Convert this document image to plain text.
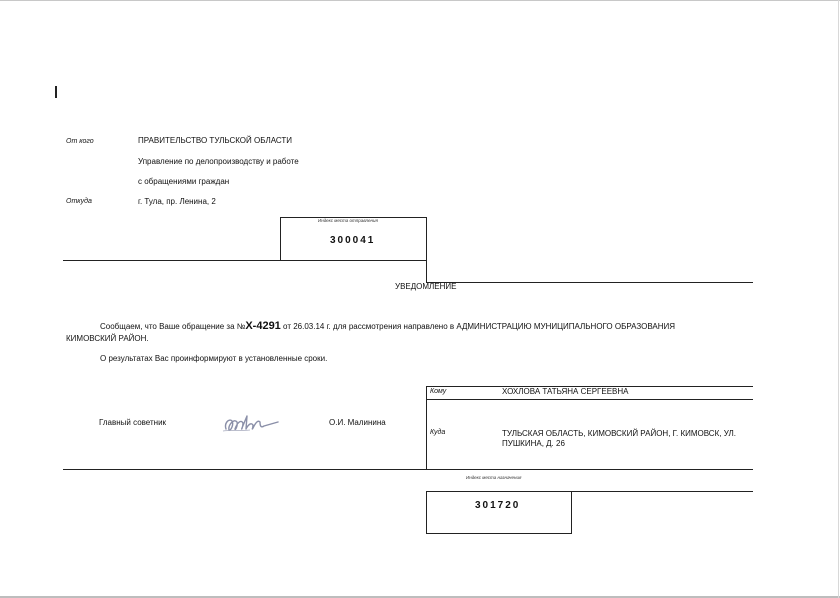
От кого	ПРАВИТЕЛЬСТВО ТУЛЬСКОЙ ОБЛАСТИ
Управление по делопроизводству и работе
с обращениями граждан
Откуда	г. Тула, пр. Ленина, 2
Индекс места отправления
300041
УВЕДОМЛЕНИЕ
Сообщаем, что Ваше обращение за №X-4291 от 26.03.14 г. для рассмотрения направлено в АДМИНИСТРАЦИЮ МУНИЦИПАЛЬНОГО ОБРАЗОВАНИЯ
КИМОВСКИЙ РАЙОН.
О результатах Вас проинформируют в установленные сроки.
Главный советник	О.И. Малинина
Кому	ХОХЛОВА ТАТЬЯНА СЕРГЕЕВНА
Куда	ТУЛЬСКАЯ ОБЛАСТЬ, КИМОВСКИЙ РАЙОН, Г. КИМОВСК, УЛ.
ПУШКИНА, Д. 26
Индекс места назначения
301720
